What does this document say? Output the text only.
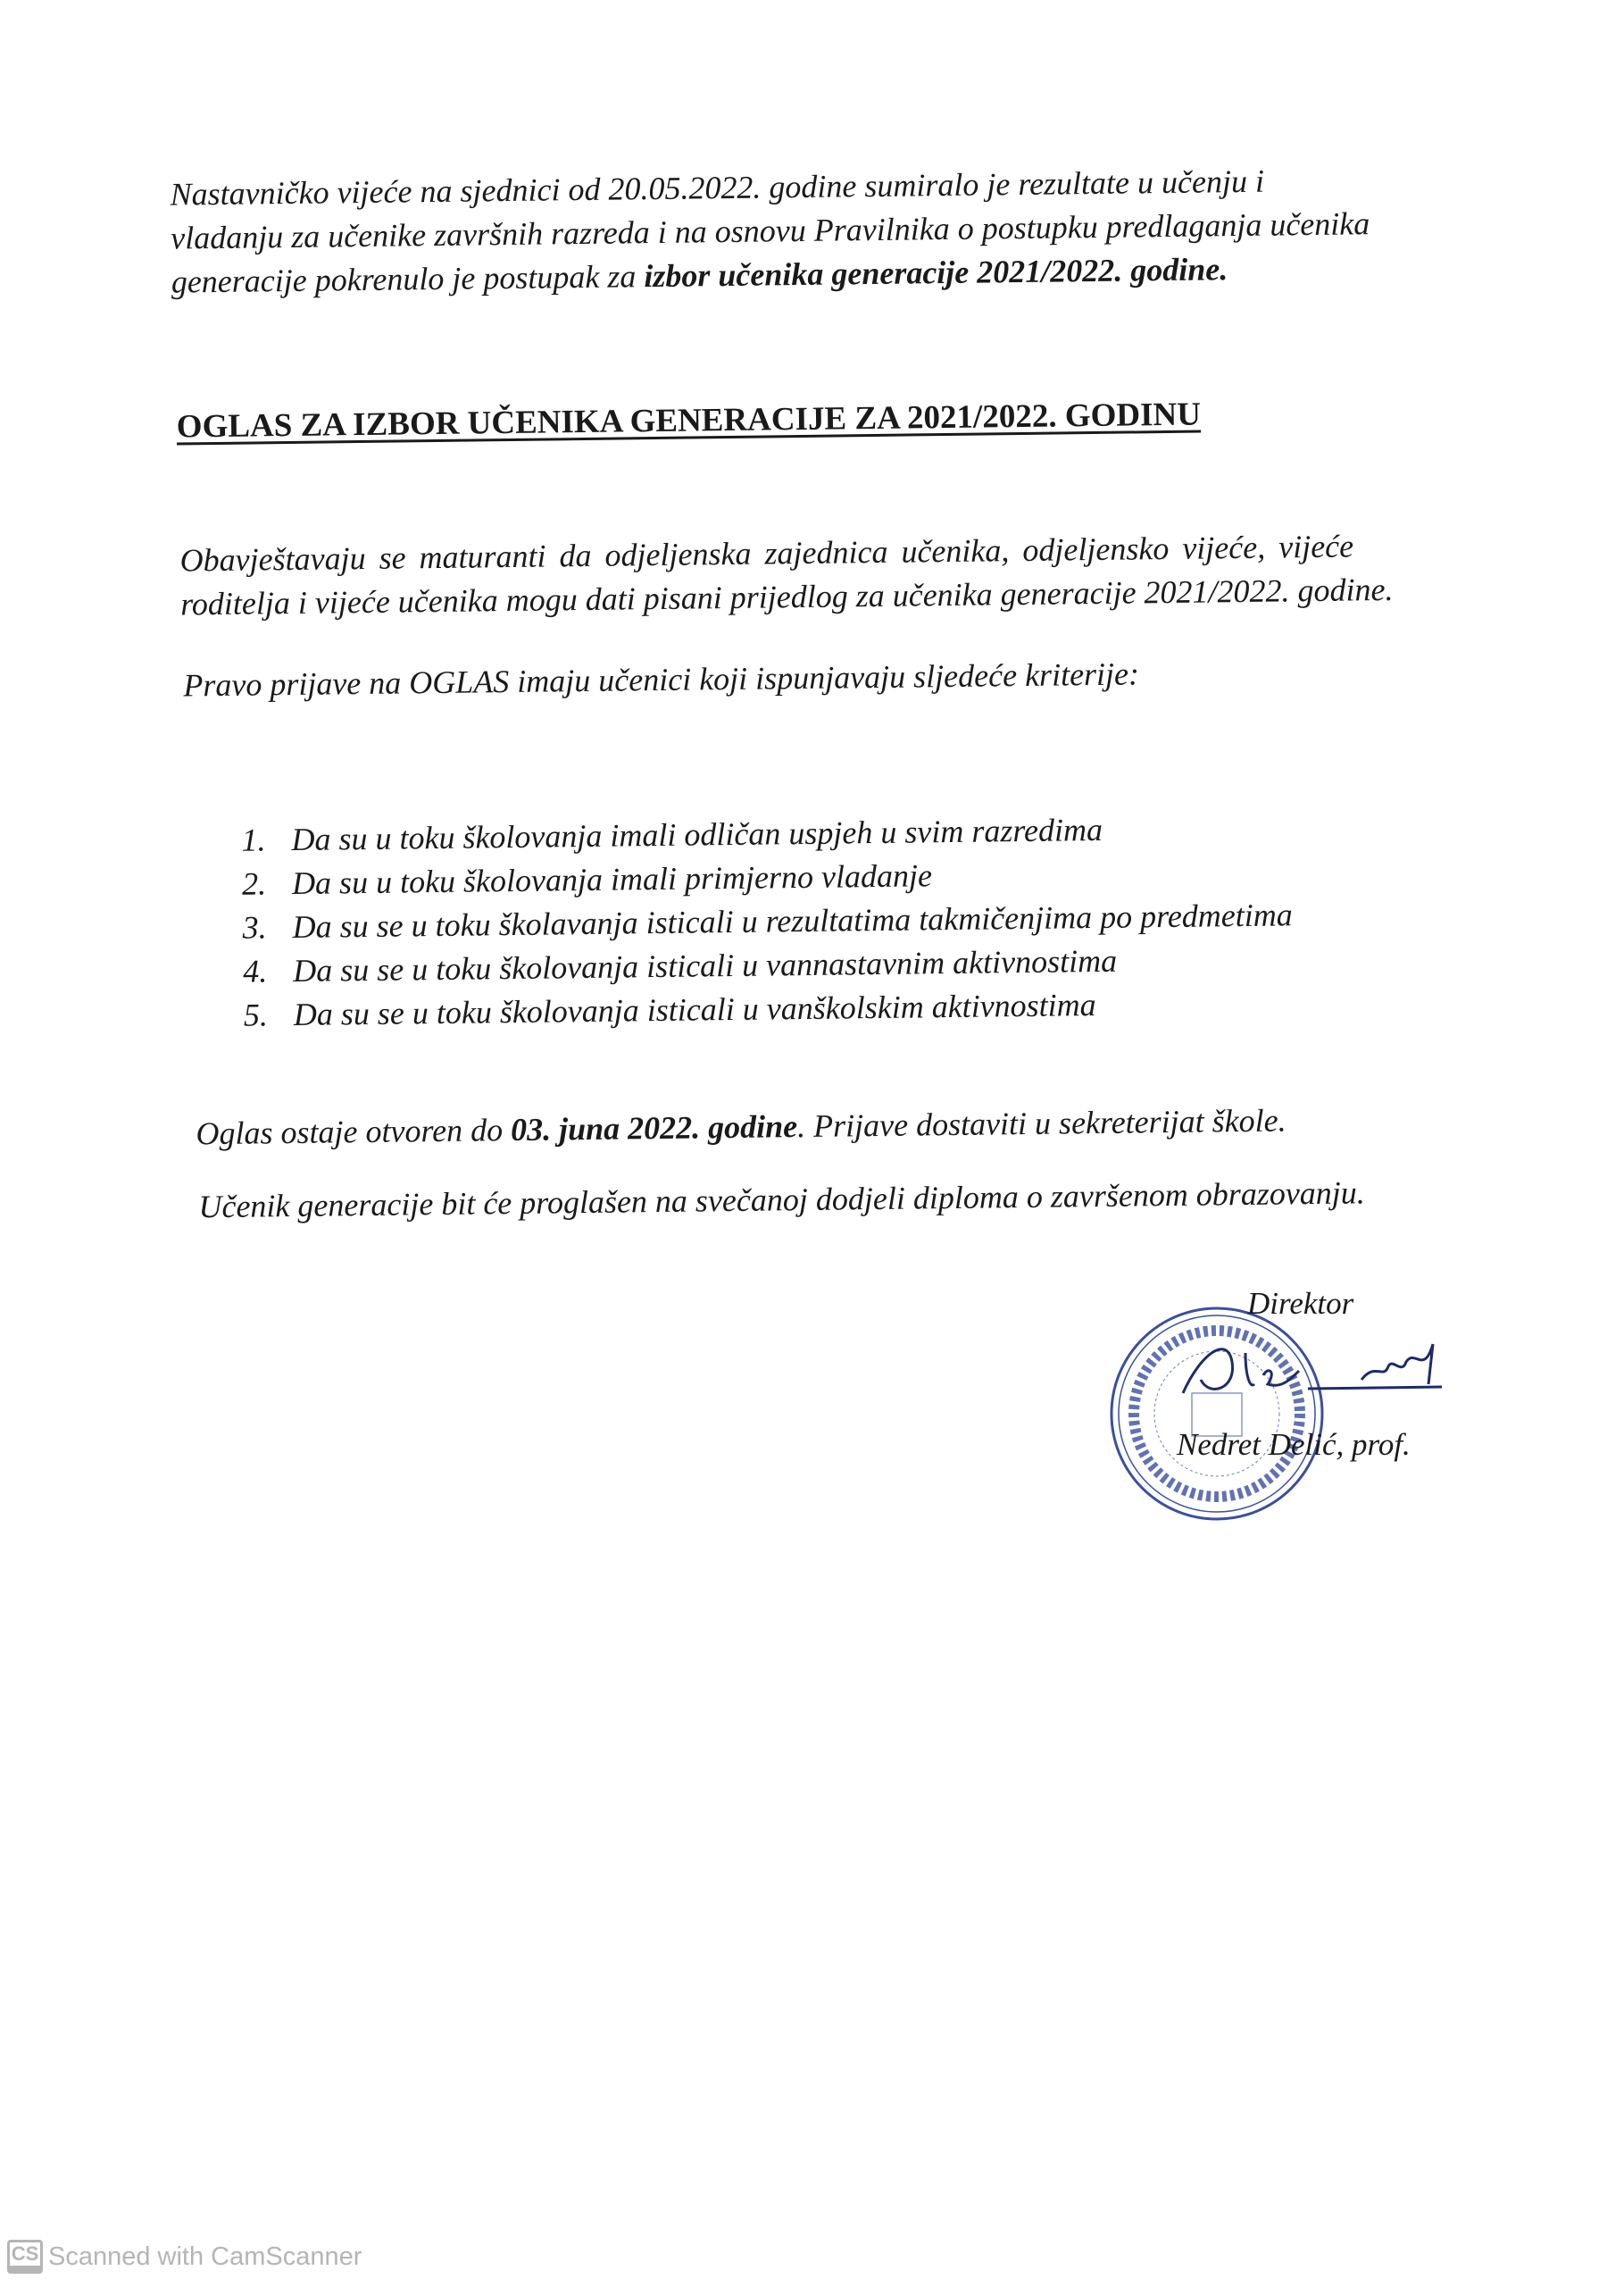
Nastavničko vijeće na sjednici od 20.05.2022. godine sumiralo je rezultate u učenju i
vladanju za učenike završnih razreda i na osnovu Pravilnika o postupku predlaganja učenika
generacije pokrenulo je postupak za izbor učenika generacije 2021/2022. godine.
OGLAS ZA IZBOR UČENIKA GENERACIJE ZA 2021/2022. GODINU
Obavještavaju se maturanti da odjeljenska zajednica učenika, odjeljensko vijeće, vijeće
roditelja i vijeće učenika mogu dati pisani prijedlog za učenika generacije 2021/2022. godine.
Pravo prijave na OGLAS imaju učenici koji ispunjavaju sljedeće kriterije:
1. Da su u toku školovanja imali odličan uspjeh u svim razredima
2. Da su u toku školovanja imali primjerno vladanje
3. Da su se u toku školavanja isticali u rezultatima takmičenjima po predmetima
4. Da su se u toku školovanja isticali u vannastavnim aktivnostima
5. Da su se u toku školovanja isticali u vanškolskim aktivnostima
Oglas ostaje otvoren do 03. juna 2022. godine. Prijave dostaviti u sekreterijat škole.
Učenik generacije bit će proglašen na svečanoj dodjeli diploma o završenom obrazovanju.
Direktor
Nedret Delić, prof.
CS Scanned with CamScanner
